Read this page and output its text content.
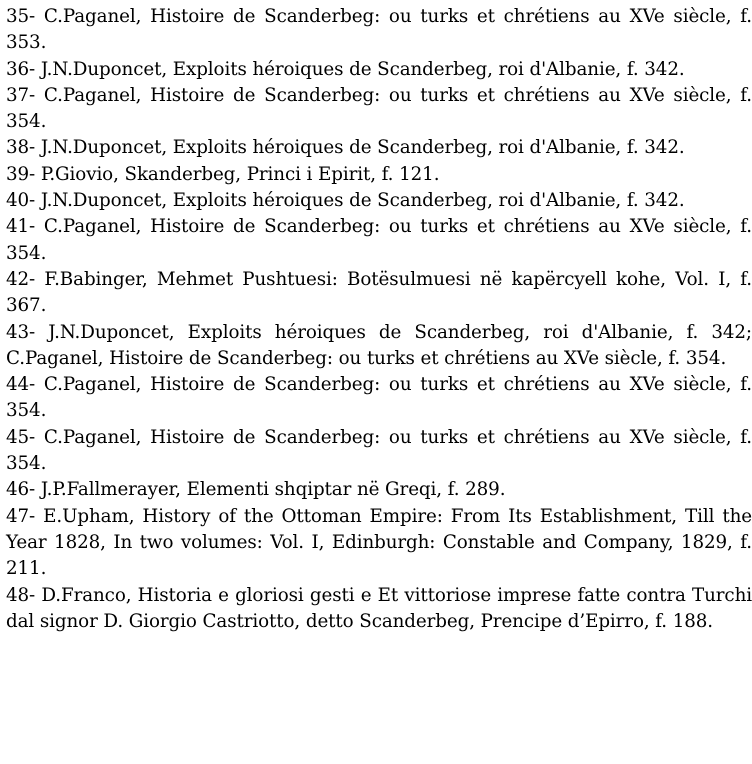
35- C.Paganel, Histoire de Scanderbeg: ou turks et chrétiens au XVe siècle, f. 353.

36- J.N.Duponcet, Exploits héroiques de Scanderbeg, roi d'Albanie, f. 342.

37- C.Paganel, Histoire de Scanderbeg: ou turks et chrétiens au XVe siècle, f. 354.

38- J.N.Duponcet, Exploits héroiques de Scanderbeg, roi d'Albanie, f. 342.

39- P.Giovio, Skanderbeg, Princi i Epirit, f. 121.

40- J.N.Duponcet, Exploits héroiques de Scanderbeg, roi d'Albanie, f. 342.

41- C.Paganel, Histoire de Scanderbeg: ou turks et chrétiens au XVe siècle, f. 354.

42- F.Babinger, Mehmet Pushtuesi: Botësulmuesi në kapërcyell kohe, Vol. I, f. 367.

43- J.N.Duponcet, Exploits héroiques de Scanderbeg, roi d'Albanie, f. 342; C.Paganel, Histoire de Scanderbeg: ou turks et chrétiens au XVe siècle, f. 354.

44- C.Paganel, Histoire de Scanderbeg: ou turks et chrétiens au XVe siècle, f. 354.

45- C.Paganel, Histoire de Scanderbeg: ou turks et chrétiens au XVe siècle, f. 354.

46- J.P.Fallmerayer, Elementi shqiptar në Greqi, f. 289.

47- E.Upham, History of the Ottoman Empire: From Its Establishment, Till the Year 1828, In two volumes: Vol. I, Edinburgh: Constable and Company, 1829, f. 211.

48- D.Franco, Historia e gloriosi gesti e Et vittoriose imprese fatte contra Turchi dal signor D. Giorgio Castriotto, detto Scanderbeg, Prencipe d’Epirro, f. 188.
